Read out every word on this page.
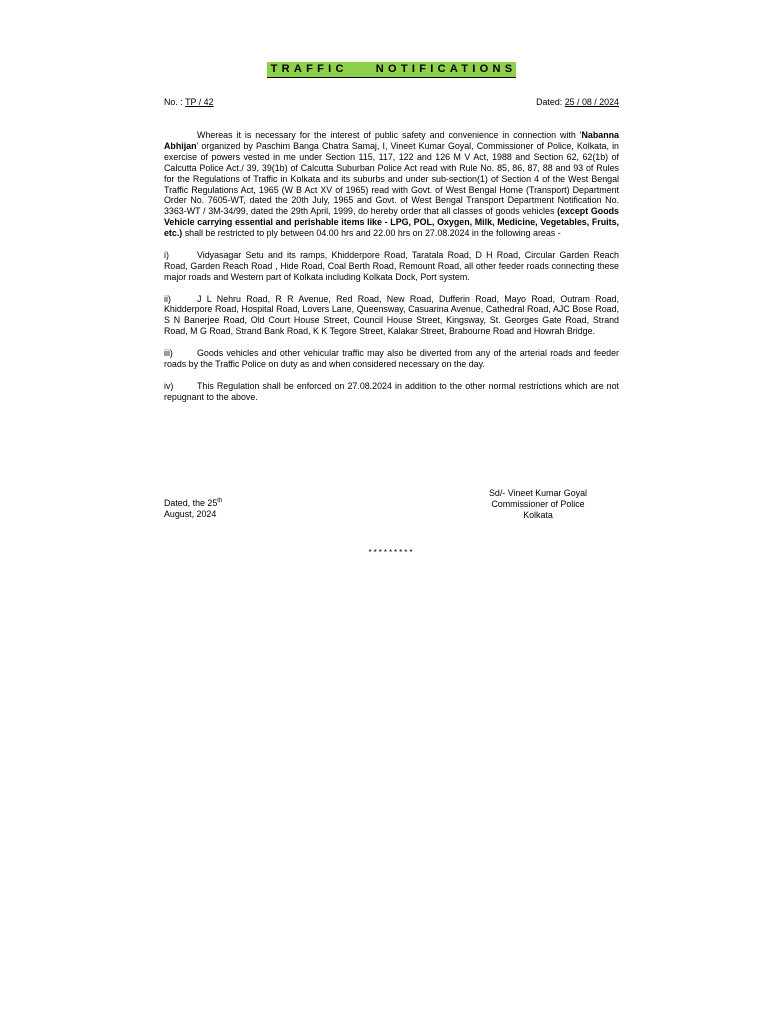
TRAFFIC	NOTIFICATIONS
No. : TP / 42	Dated: 25 / 08 / 2024

Whereas it is necessary for the interest of public safety and convenience in connection with 'Nabanna Abhijan' organized by Paschim Banga Chatra Samaj, I, Vineet Kumar Goyal, Commissioner of Police, Kolkata, in exercise of powers vested in me under Section 115, 117, 122 and 126 M V Act, 1988 and Section 62, 62(1b) of Calcutta Police Act./ 39, 39(1b) of Calcutta Suburban Police Act read with Rule No. 85, 86, 87, 88 and 93 of Rules for the Regulations of Traffic in Kolkata and its suburbs and under sub-section(1) of Section 4 of the West Bengal Traffic Regulations Act, 1965 (W B Act XV of 1965) read with Govt. of West Bengal Home (Transport) Department Order No. 7605-WT, dated the 20th July, 1965 and Govt. of West Bengal Transport Department Notification No. 3363-WT / 3M-34/99, dated the 29th April, 1999, do hereby order that all classes of goods vehicles (except Goods Vehicle carrying essential and perishable items like - LPG, POL, Oxygen, Milk, Medicine, Vegetables, Fruits, etc.) shall be restricted to ply between 04.00 hrs and 22.00 hrs on 27.08.2024 in the following areas -

i)	Vidyasagar Setu and its ramps, Khidderpore Road, Taratala Road, D H Road, Circular Garden Reach Road, Garden Reach Road , Hide Road, Coal Berth Road, Remount Road, all other feeder roads connecting these major roads and Western part of Kolkata including Kolkata Dock, Port system.

ii)	J L Nehru Road, R R Avenue, Red Road, New Road, Dufferin Road, Mayo Road, Outram Road, Khidderpore Road, Hospital Road, Lovers Lane, Queensway, Casuarina Avenue, Cathedral Road, AJC Bose Road, S N Banerjee Road, Old Court House Street, Council House Street, Kingsway, St. Georges Gate Road, Strand Road, M G Road, Strand Bank Road, K K Tegore Street, Kalakar Street, Brabourne Road and Howrah Bridge.

iii)	Goods vehicles and other vehicular traffic may also be diverted from any of the arterial roads and feeder roads by the Traffic Police on duty as and when considered necessary on the day.

iv)	This Regulation shall be enforced on 27.08.2024 in addition to the other normal restrictions which are not repugnant to the above.

Dated, the 25th
August, 2024
Sd/- Vineet Kumar Goyal
Commissioner of Police
Kolkata
*********
